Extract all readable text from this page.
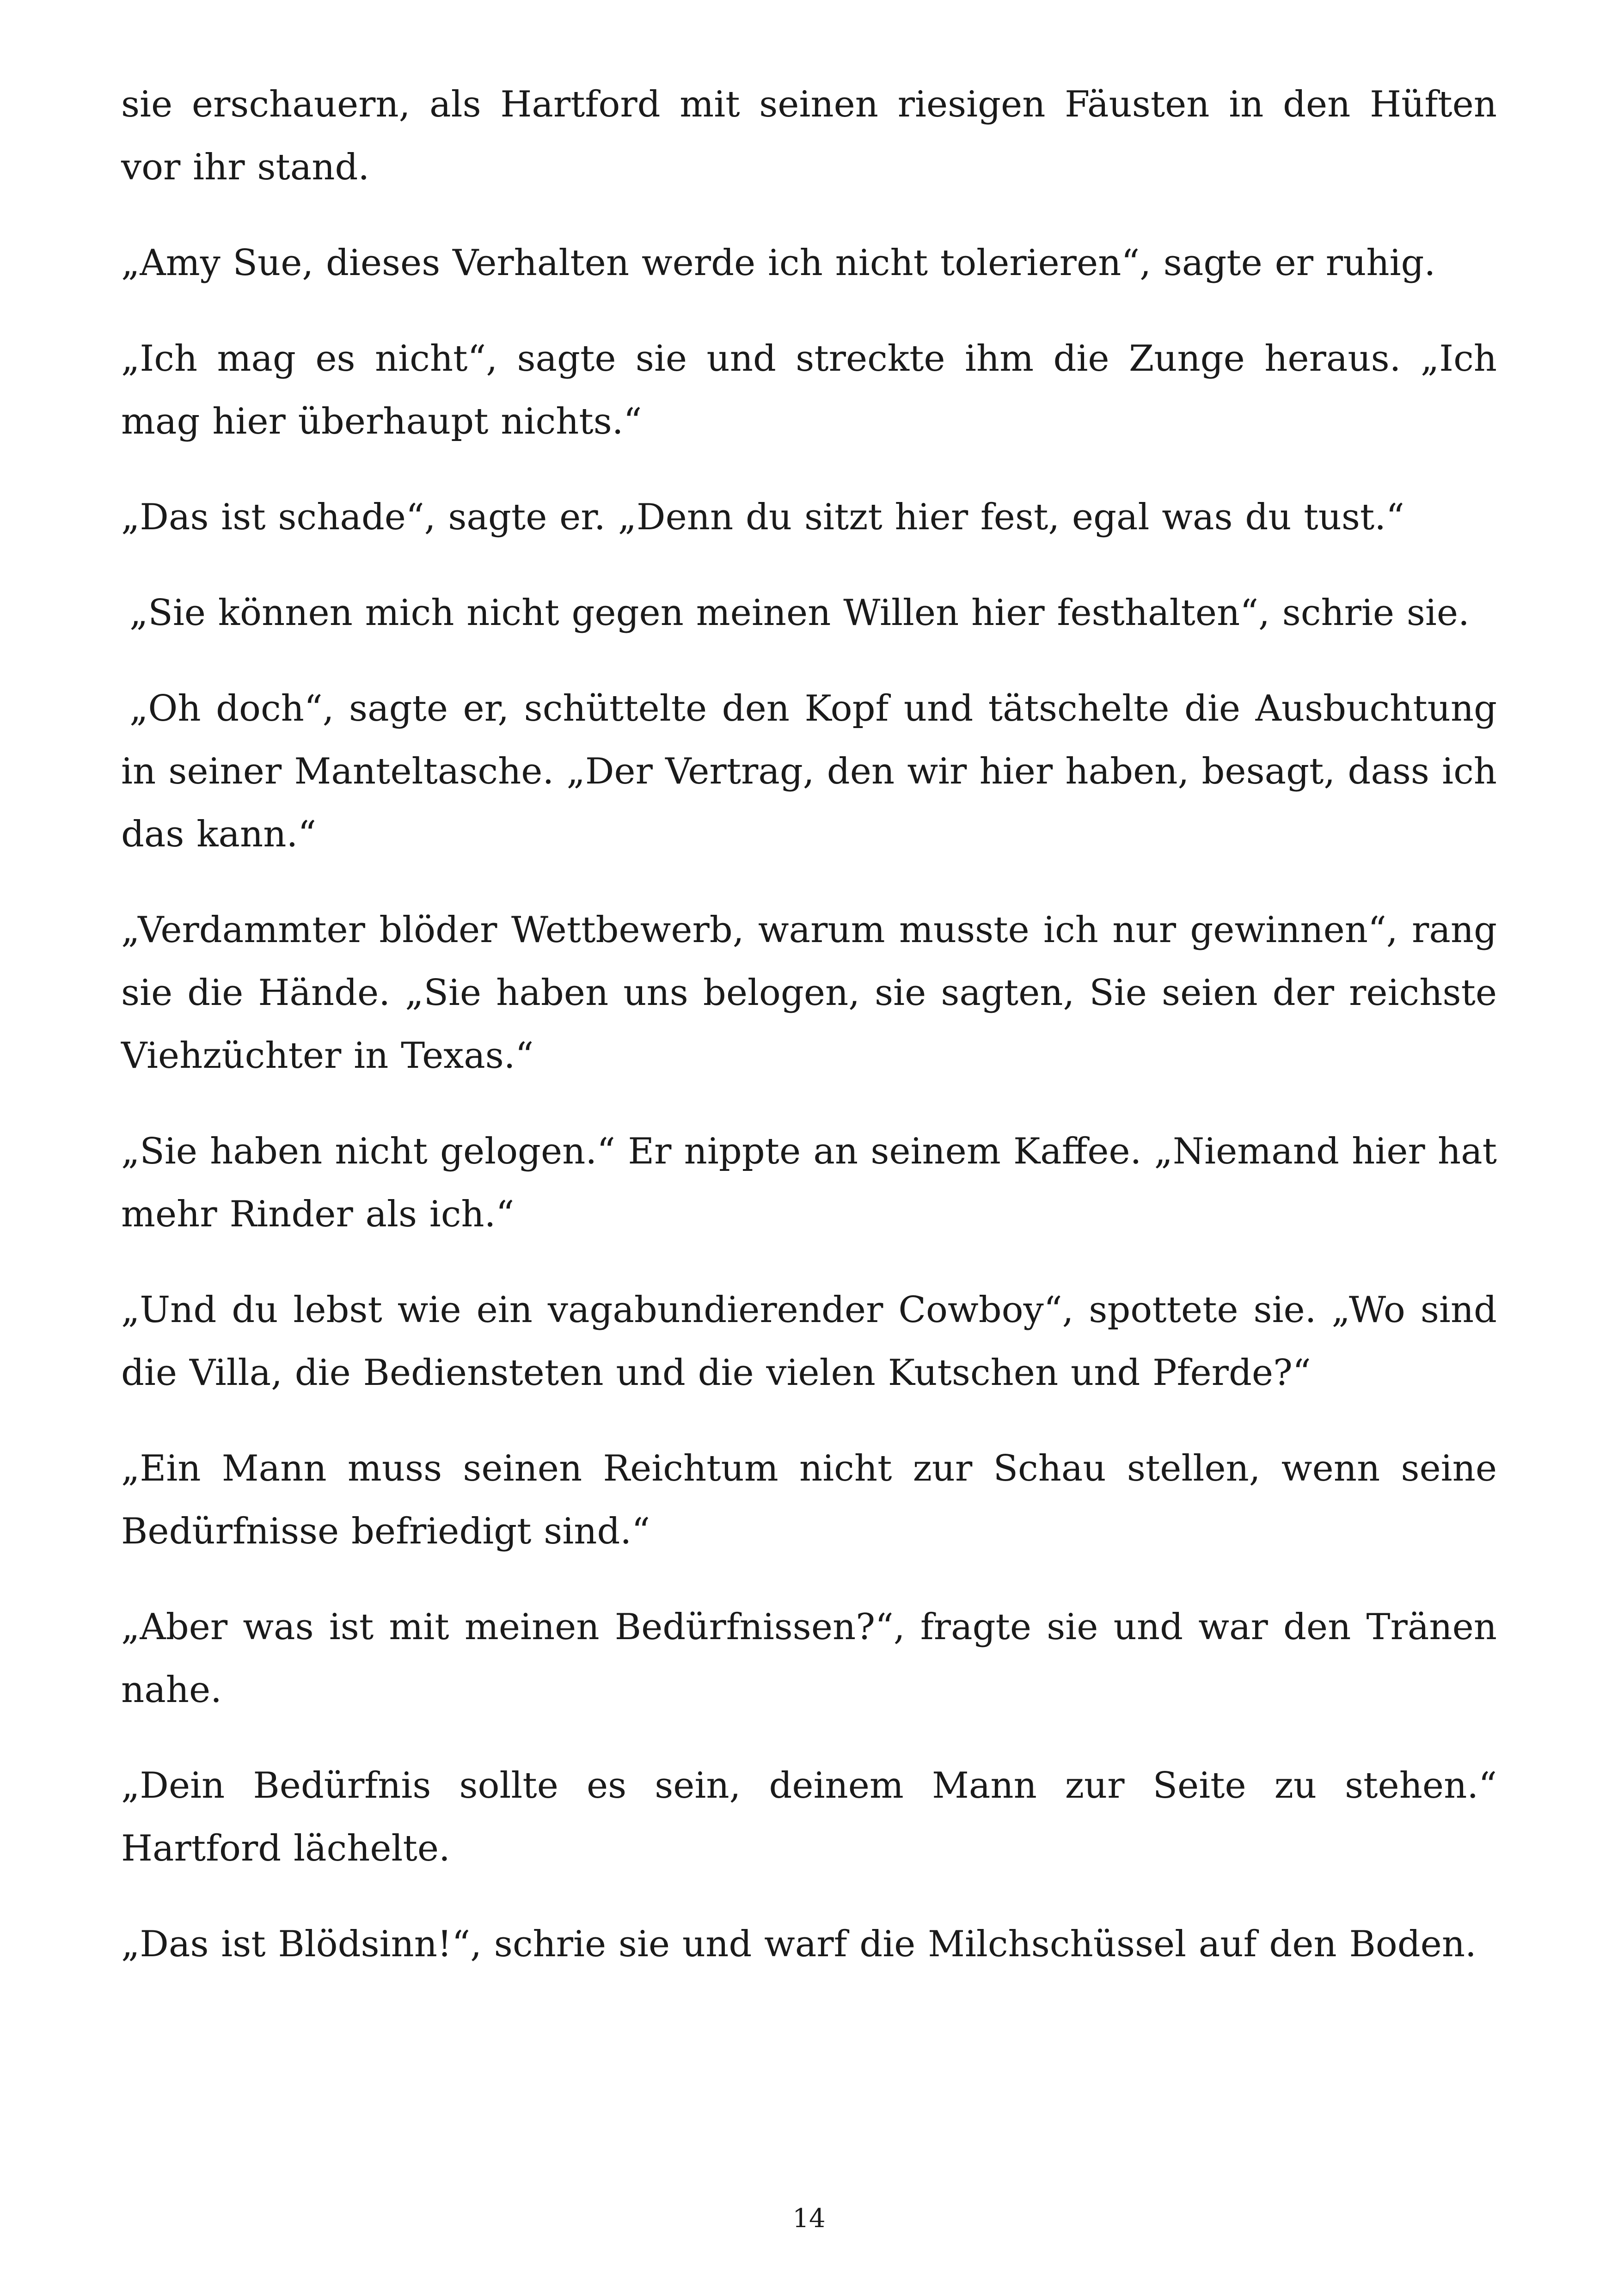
sie erschauern, als Hartford mit seinen riesigen Fäusten in den Hüften vor ihr stand.

„Amy Sue, dieses Verhalten werde ich nicht tolerieren“, sagte er ruhig.

„Ich mag es nicht“, sagte sie und streckte ihm die Zunge heraus. „Ich mag hier überhaupt nichts.“

„Das ist schade“, sagte er. „Denn du sitzt hier fest, egal was du tust.“

„Sie können mich nicht gegen meinen Willen hier festhalten“, schrie sie.

„Oh doch“, sagte er, schüttelte den Kopf und tätschelte die Ausbuchtung in seiner Manteltasche. „Der Vertrag, den wir hier haben, besagt, dass ich das kann.“

„Verdammter blöder Wettbewerb, warum musste ich nur gewinnen“, rang sie die Hände. „Sie haben uns belogen, sie sagten, Sie seien der reichste Viehzüchter in Texas.“

„Sie haben nicht gelogen.“ Er nippte an seinem Kaffee. „Niemand hier hat mehr Rinder als ich.“

„Und du lebst wie ein vagabundierender Cowboy“, spottete sie. „Wo sind die Villa, die Bediensteten und die vielen Kutschen und Pferde?“

„Ein Mann muss seinen Reichtum nicht zur Schau stellen, wenn seine Bedürfnisse befriedigt sind.“

„Aber was ist mit meinen Bedürfnissen?“, fragte sie und war den Tränen nahe.

„Dein Bedürfnis sollte es sein, deinem Mann zur Seite zu stehen.“ Hartford lächelte.

„Das ist Blödsinn!“, schrie sie und warf die Milchschüssel auf den Boden.

14
